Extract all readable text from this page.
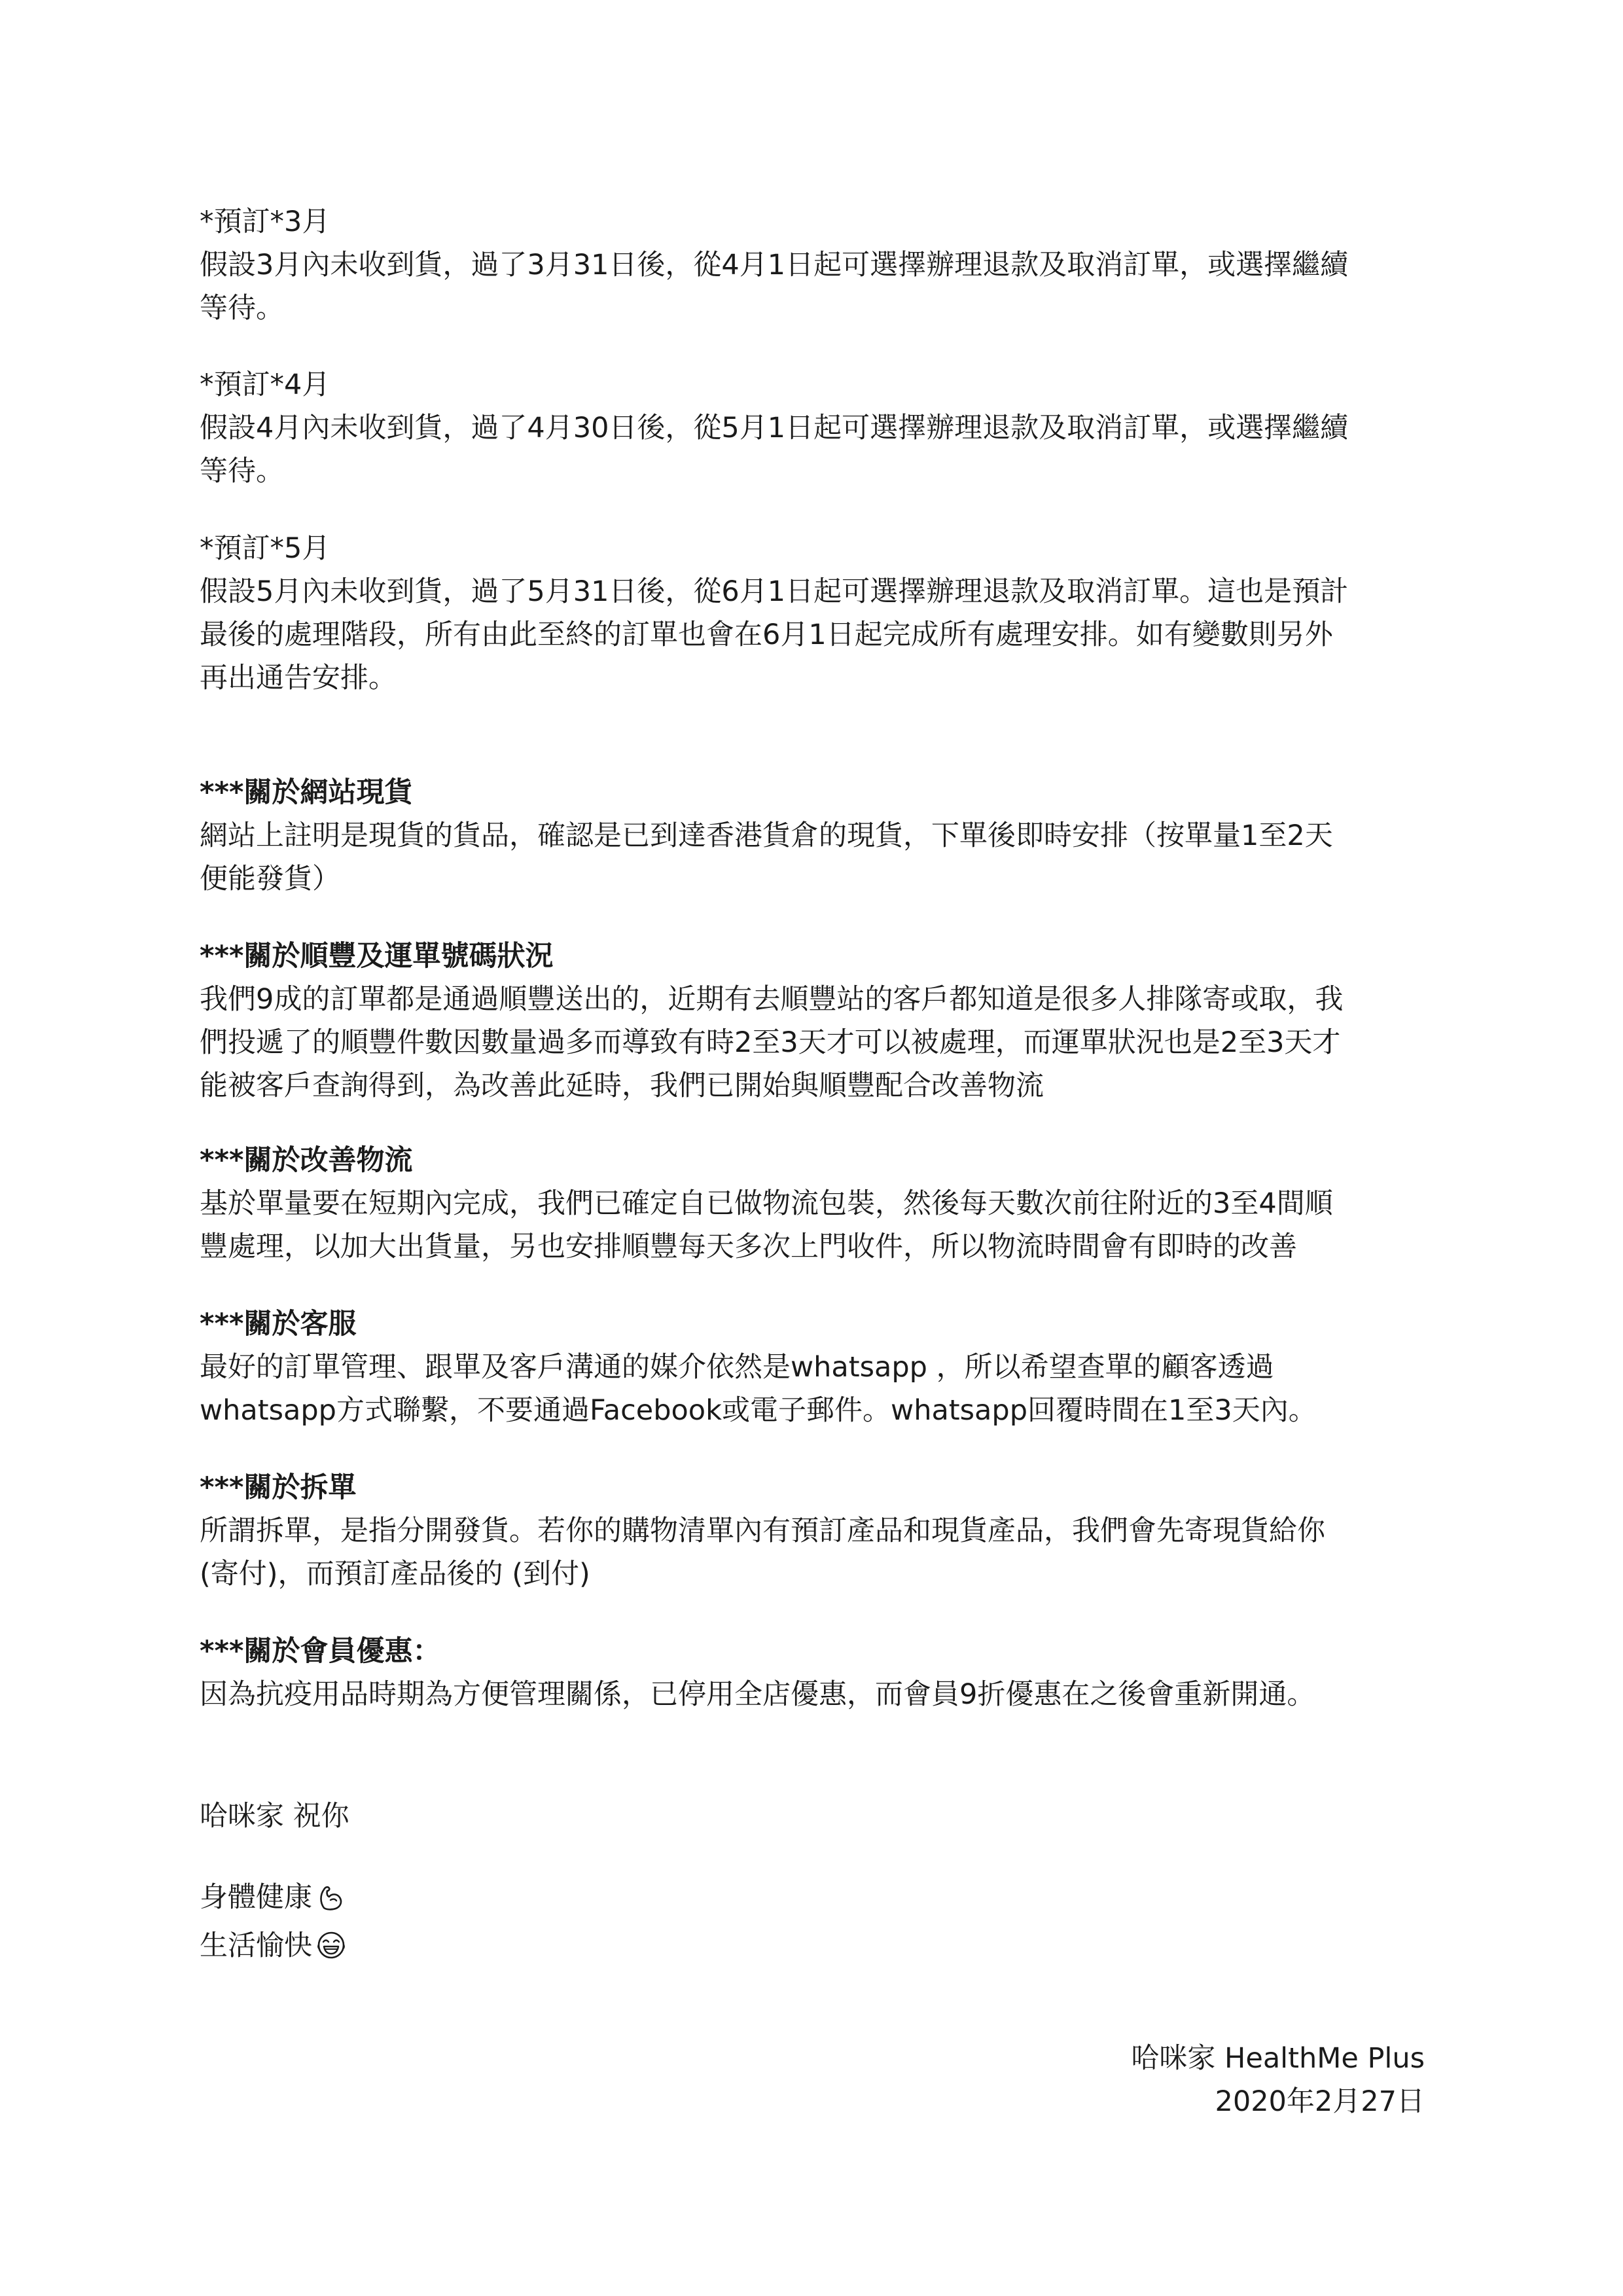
*預訂*3月

假設3月內未收到貨，過了3月31日後，從4月1日起可選擇辦理退款及取消訂單，或選擇繼續

等待。

*預訂*4月

假設4月內未收到貨，過了4月30日後，從5月1日起可選擇辦理退款及取消訂單，或選擇繼續

等待。

*預訂*5月

假設5月內未收到貨，過了5月31日後，從6月1日起可選擇辦理退款及取消訂單。這也是預計

最後的處理階段，所有由此至終的訂單也會在6月1日起完成所有處理安排。如有變數則另外

再出通告安排。

***關於網站現貨

網站上註明是現貨的貨品，確認是已到達香港貨倉的現貨，下單後即時安排（按單量1至2天

便能發貨）

***關於順豐及運單號碼狀況

我們9成的訂單都是通過順豐送出的，近期有去順豐站的客戶都知道是很多人排隊寄或取，我

們投遞了的順豐件數因數量過多而導致有時2至3天才可以被處理，而運單狀況也是2至3天才

能被客戶查詢得到，為改善此延時，我們已開始與順豐配合改善物流

***關於改善物流

基於單量要在短期內完成，我們已確定自已做物流包裝，然後每天數次前往附近的3至4間順

豐處理，以加大出貨量，另也安排順豐每天多次上門收件，所以物流時間會有即時的改善

***關於客服

最好的訂單管理、跟單及客戶溝通的媒介依然是whatsapp ，所以希望查單的顧客透過

whatsapp方式聯繫，不要通過Facebook或電子郵件。whatsapp回覆時間在1至3天內。

***關於拆單

所謂拆單，是指分開發貨。若你的購物清單內有預訂產品和現貨產品，我們會先寄現貨給你

(寄付)，而預訂產品後的 (到付)

***關於會員優惠：

因為抗疫用品時期為方便管理關係，已停用全店優惠，而會員9折優惠在之後會重新開通。

哈咪家 祝你

身體健康

生活愉快

哈咪家 HealthMe Plus

2020年2月27日
